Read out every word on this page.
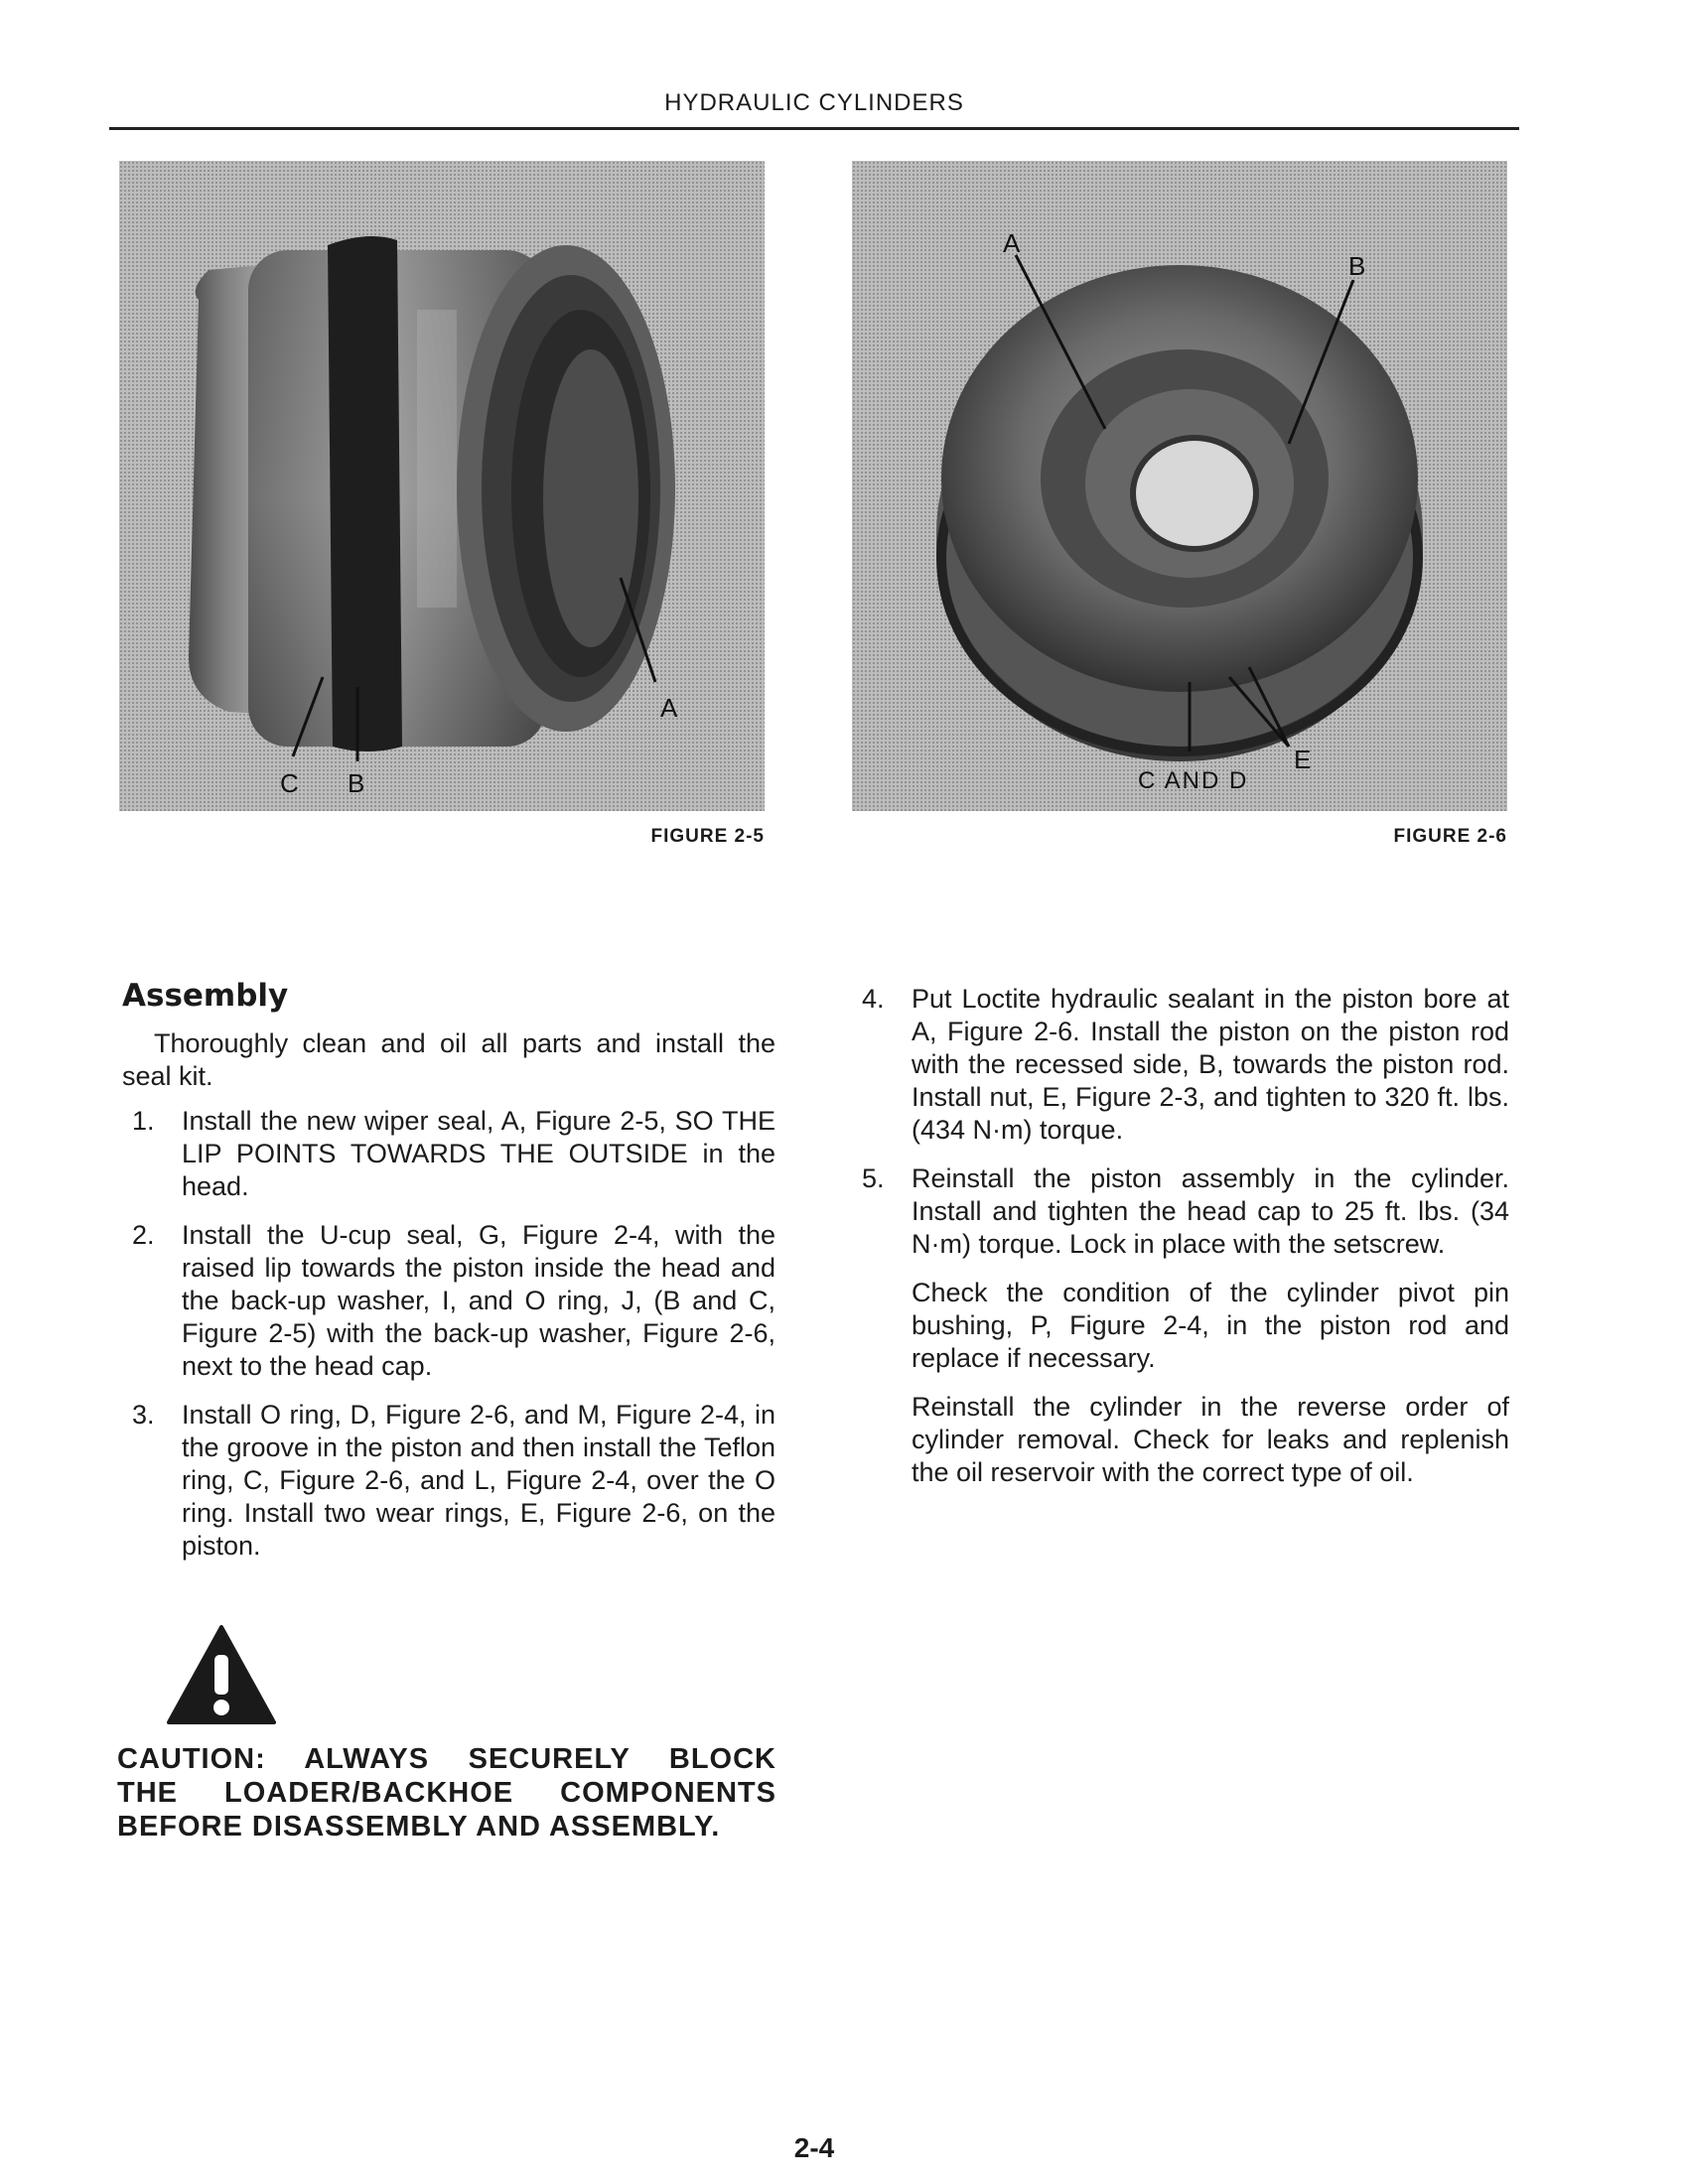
HYDRAULIC CYLINDERS
C B
A
FIGURE 2-5
A
B
C AND D
E
FIGURE 2-6
Assembly

Thoroughly clean and oil all parts and install the seal kit.

1. Install the new wiper seal, A, Figure 2-5, SO THE LIP POINTS TOWARDS THE OUTSIDE in the head.
2. Install the U-cup seal, G, Figure 2-4, with the raised lip towards the piston inside the head and the back-up washer, I, and O ring, J, (B and C, Figure 2-5) with the back-up washer, Figure 2-6, next to the head cap.
3. Install O ring, D, Figure 2-6, and M, Figure 2-4, in the groove in the piston and then install the Teflon ring, C, Figure 2-6, and L, Figure 2-4, over the O ring. Install two wear rings, E, Figure 2-6, on the piston.
4. Put Loctite hydraulic sealant in the piston bore at A, Figure 2-6. Install the piston on the piston rod with the recessed side, B, towards the piston rod. Install nut, E, Figure 2-3, and tighten to 320 ft. lbs. (434 N·m) torque.
5. Reinstall the piston assembly in the cylinder. Install and tighten the head cap to 25 ft. lbs. (34 N·m) torque. Lock in place with the setscrew.

Check the condition of the cylinder pivot pin bushing, P, Figure 2-4, in the piston rod and replace if necessary.

Reinstall the cylinder in the reverse order of cylinder removal. Check for leaks and replenish the oil reservoir with the correct type of oil.

CAUTION: ALWAYS SECURELY BLOCK
THE LOADER/BACKHOE COMPONENTS
BEFORE DISASSEMBLY AND ASSEMBLY.
2-4
